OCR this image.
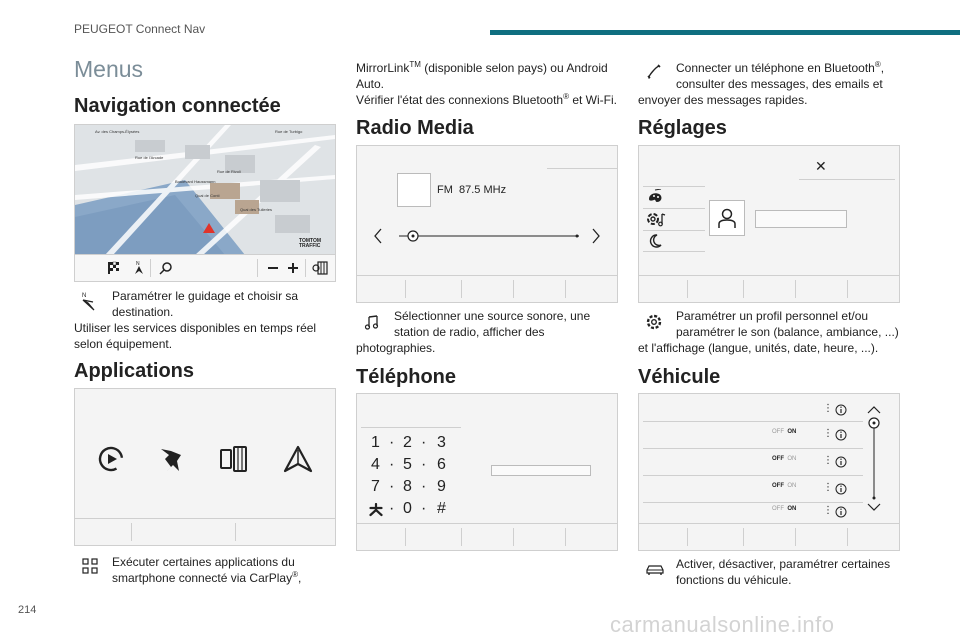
PEUGEOT Connect Nav
214
carmanualsonline.info
Menus
Navigation connectée
Av. des Champs-Élysées
Rue de Rivoli
Quai des Tuileries
Rue de l'Arcade
Boulevard Haussmann
Rue de Turbigo
Quai de Conti
TOMTOM TRAFFIC
N
N	Paramétrer le guidage et choisir sa

destination.

Utiliser les services disponibles en temps réel

selon équipement.

Applications

Exécuter certaines applications du

smartphone connecté via CarPlay®,

MirrorLink™ (disponible selon pays) ou Android

Auto.

Vérifier l'état des connexions Bluetooth® et Wi-Fi.

Radio Media
FM 87.5 MHz

Sélectionner une source sonore, une

station de radio, afficher des

photographies.

Téléphone
1 · 2 · 3
4 · 5 · 6
7 · 8 · 9
· 0 · #

Connecter un téléphone en Bluetooth®,

consulter des messages, des emails et

envoyer des messages rapides.

Réglages
✕

Paramétrer un profil personnel et/ou

paramétrer le son (balance, ambiance, ...)

et l'affichage (langue, unités, date, heure, ...).

Véhicule
⋮
OFF ON	⋮
OFF ON	⋮
OFF ON	⋮
OFF ON	⋮

Activer, désactiver, paramétrer certaines

fonctions du véhicule.
